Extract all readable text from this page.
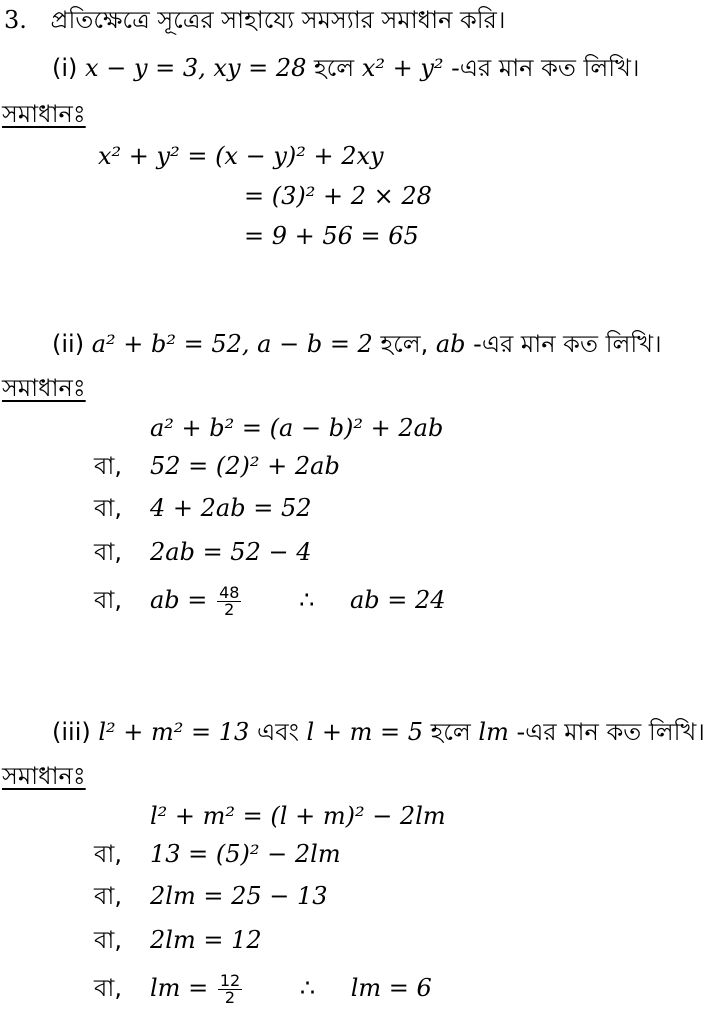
3. প্রতিক্ষেত্রে সূত্রের সাহায্যে সমস্যার সমাধান করি।
(i) x − y = 3, xy = 28 হলে x² + y² -এর মান কত লিখি।
সমাধানঃ
x² + y² = (x − y)² + 2xy
= (3)² + 2 × 28
= 9 + 56 = 65
(ii) a² + b² = 52, a − b = 2 হলে, ab -এর মান কত লিখি।
সমাধানঃ
a² + b² = (a − b)² + 2ab
বা, 52 = (2)² + 2ab
বা, 4 + 2ab = 52
বা, 2ab = 52 − 4
বা, ab = $\frac{48}{2}$ ∴ ab = 24
(iii) l² + m² = 13 এবং l + m = 5 হলে lm -এর মান কত লিখি।
সমাধানঃ
l² + m² = (l + m)² − 2lm
বা, 13 = (5)² − 2lm
বা, 2lm = 25 − 13
বা, 2lm = 12
বা, lm = $\frac{12}{2}$ ∴ lm = 6
